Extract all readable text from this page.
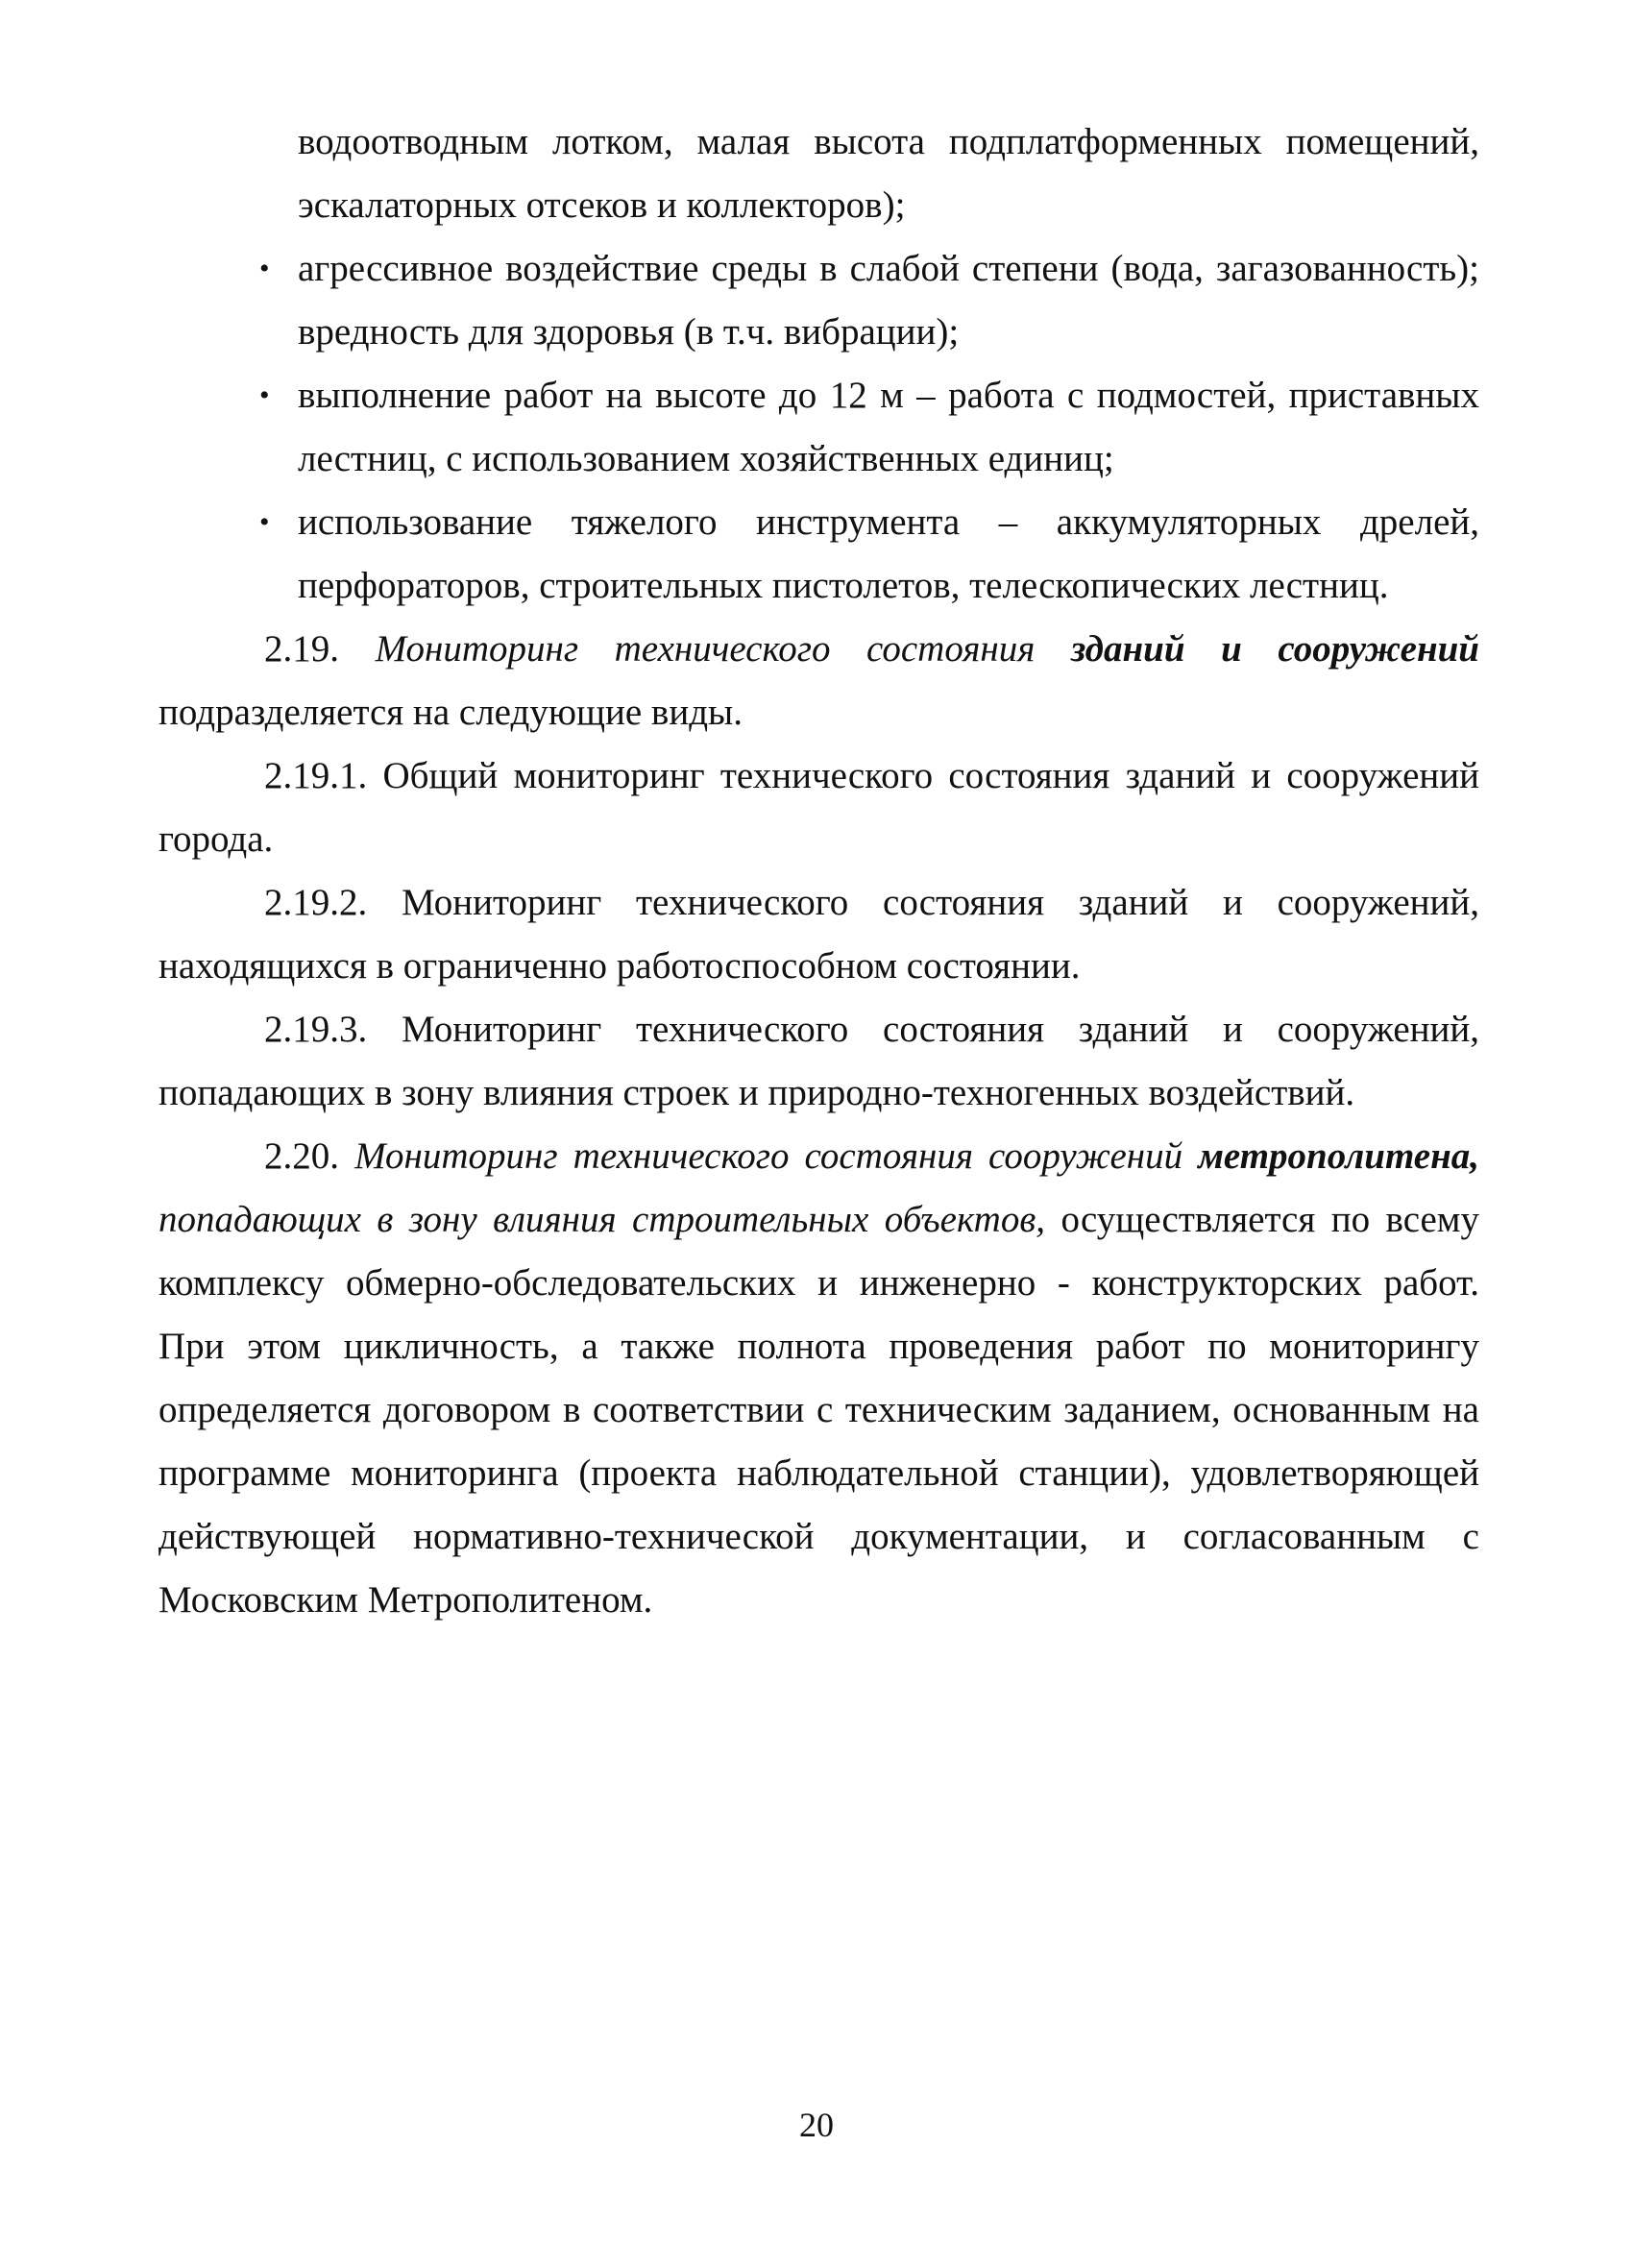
водоотводным лотком, малая высота подплатформенных помещений, эскалаторных отсеков и коллекторов);

• агрессивное воздействие среды в слабой степени (вода, загазованность); вредность для здоровья (в т.ч. вибрации);
• выполнение работ на высоте до 12 м – работа с подмостей, приставных лестниц, с использованием хозяйственных единиц;
• использование тяжелого инструмента – аккумуляторных дрелей, перфораторов, строительных пистолетов, телескопических лестниц.

2.19. Мониторинг технического состояния зданий и сооружений подразделяется на следующие виды.

2.19.1. Общий мониторинг технического состояния зданий и сооружений города.

2.19.2. Мониторинг технического состояния зданий и сооружений, находящихся в ограниченно работоспособном состоянии.

2.19.3. Мониторинг технического состояния зданий и сооружений, попадающих в зону влияния строек и природно-техногенных воздействий.

2.20. Мониторинг технического состояния сооружений метрополитена, попадающих в зону влияния строительных объектов, осуществляется по всему комплексу обмерно-обследовательских и инженерно - конструкторских работ. При этом цикличность, а также полнота проведения работ по мониторингу определяется договором в соответствии с техническим заданием, основанным на программе мониторинга (проекта наблюдательной станции), удовлетворяющей действующей нормативно-технической документации, и согласованным с Московским Метрополитеном.

20
